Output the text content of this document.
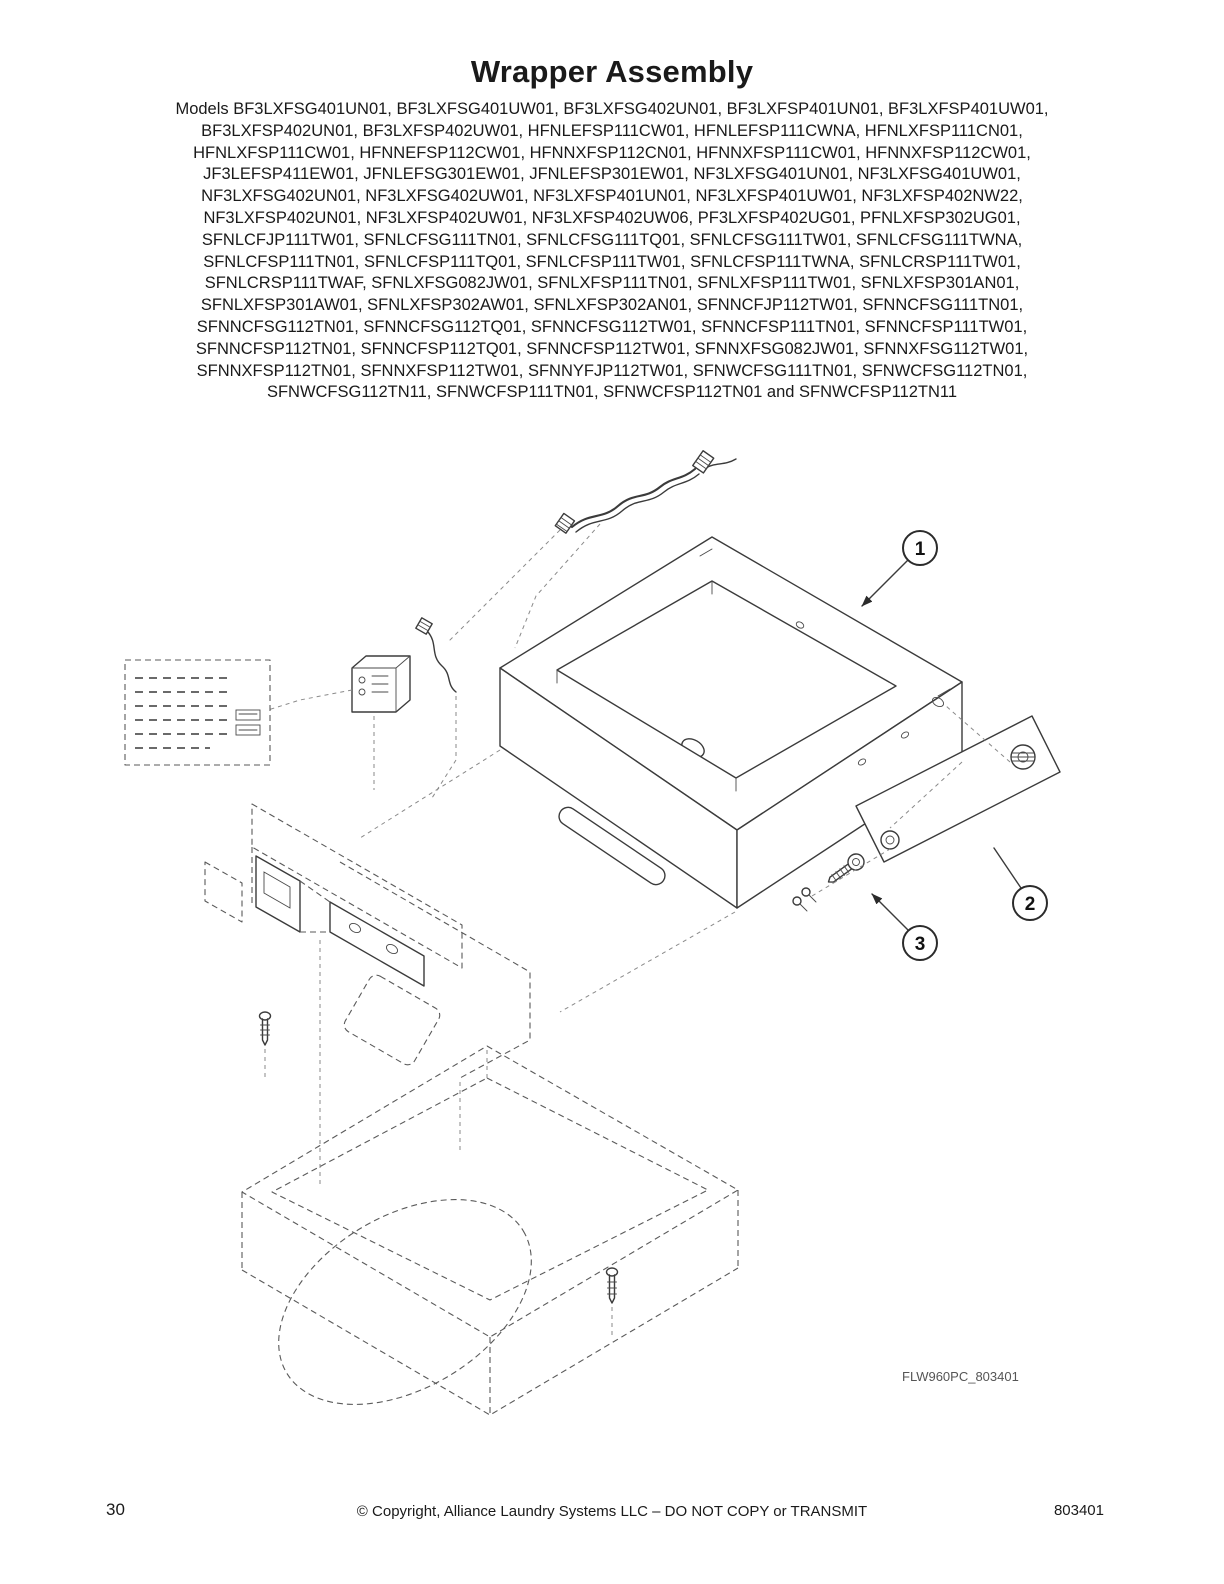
Wrapper Assembly
Models BF3LXFSG401UN01, BF3LXFSG401UW01, BF3LXFSG402UN01, BF3LXFSP401UN01, BF3LXFSP401UW01,
BF3LXFSP402UN01, BF3LXFSP402UW01, HFNLEFSP111CW01, HFNLEFSP111CWNA, HFNLXFSP111CN01,
HFNLXFSP111CW01, HFNNEFSP112CW01, HFNNXFSP112CN01, HFNNXFSP111CW01, HFNNXFSP112CW01,
JF3LEFSP411EW01, JFNLEFSG301EW01, JFNLEFSP301EW01, NF3LXFSG401UN01, NF3LXFSG401UW01,
NF3LXFSG402UN01, NF3LXFSG402UW01, NF3LXFSP401UN01, NF3LXFSP401UW01, NF3LXFSP402NW22,
NF3LXFSP402UN01, NF3LXFSP402UW01, NF3LXFSP402UW06, PF3LXFSP402UG01, PFNLXFSP302UG01,
SFNLCFJP111TW01, SFNLCFSG111TN01, SFNLCFSG111TQ01, SFNLCFSG111TW01, SFNLCFSG111TWNA,
SFNLCFSP111TN01, SFNLCFSP111TQ01, SFNLCFSP111TW01, SFNLCFSP111TWNA, SFNLCRSP111TW01,
SFNLCRSP111TWAF, SFNLXFSG082JW01, SFNLXFSP111TN01, SFNLXFSP111TW01, SFNLXFSP301AN01,
SFNLXFSP301AW01, SFNLXFSP302AW01, SFNLXFSP302AN01, SFNNCFJP112TW01, SFNNCFSG111TN01,
SFNNCFSG112TN01, SFNNCFSG112TQ01, SFNNCFSG112TW01, SFNNCFSP111TN01, SFNNCFSP111TW01,
SFNNCFSP112TN01, SFNNCFSP112TQ01, SFNNCFSP112TW01, SFNNXFSG082JW01, SFNNXFSG112TW01,
SFNNXFSP112TN01, SFNNXFSP112TW01, SFNNYFJP112TW01, SFNWCFSG111TN01, SFNWCFSG112TN01,
SFNWCFSG112TN11, SFNWCFSP111TN01, SFNWCFSP112TN01 and SFNWCFSP112TN11
1
2
3
FLW960PC_803401
30	© Copyright, Alliance Laundry Systems LLC – DO NOT COPY or TRANSMIT	803401
